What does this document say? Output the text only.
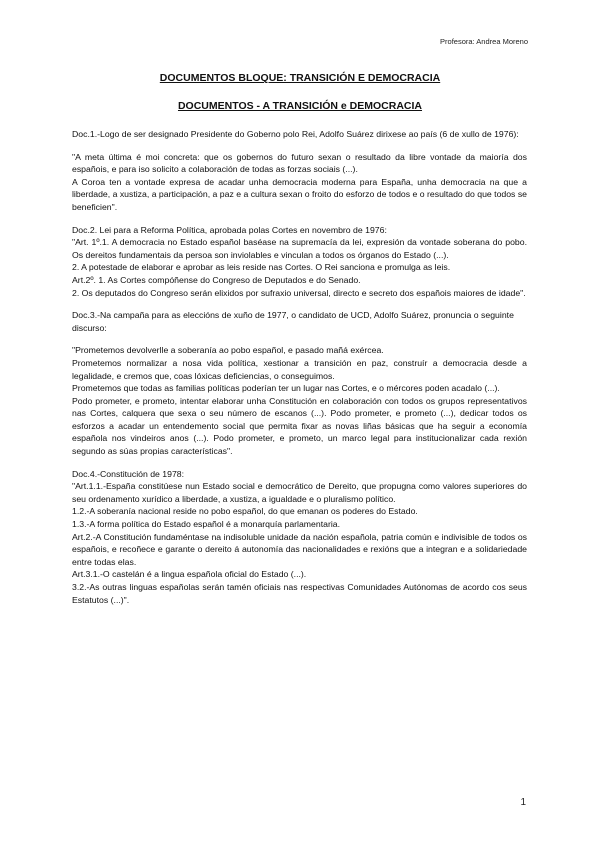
Profesora: Andrea Moreno
DOCUMENTOS BLOQUE: TRANSICIÓN E DEMOCRACIA
DOCUMENTOS - A TRANSICIÓN e DEMOCRACIA

Doc.1.-Logo de ser designado Presidente do Goberno polo Rei, Adolfo Suárez dirixese ao país (6 de xullo de 1976):

"A meta última é moi concreta: que os gobernos do futuro sexan o resultado da libre vontade da maioría dos españois, e para iso solicito a colaboración de todas as forzas sociais (...).

A Coroa ten a vontade expresa de acadar unha democracia moderna para España, unha democracia na que a liberdade, a xustiza, a participación, a paz e a cultura sexan o froito do esforzo de todos e o resultado do que todos se beneficien".

Doc.2. Lei para a Reforma Política, aprobada polas Cortes en novembro de 1976:

"Art. 1º.1. A democracia no Estado español baséase na supremacía da lei, expresión da vontade soberana do pobo. Os dereitos fundamentais da persoa son inviolables e vinculan a todos os órganos do Estado (...).

2. A potestade de elaborar e aprobar as leis reside nas Cortes. O Rei sanciona e promulga as leis.

Art.2º. 1. As Cortes compóñense do Congreso de Deputados e do Senado.

2. Os deputados do Congreso serán elixidos por sufraxio universal, directo e secreto dos españois maiores de idade".

Doc.3.-Na campaña para as eleccións de xuño de 1977, o candidato de UCD, Adolfo Suárez, pronuncia o seguinte discurso:

"Prometemos devolverlle a soberanía ao pobo español, e pasado mañá exércea.

Prometemos normalizar a nosa vida política, xestionar a transición en paz, construír a democracia desde a legalidade, e cremos que, coas lóxicas deficiencias, o conseguimos.

Prometemos que todas as familias políticas poderían ter un lugar nas Cortes, e o mércores poden acadalo (...).

Podo prometer, e prometo, intentar elaborar unha Constitución en colaboración con todos os grupos representativos nas Cortes, calquera que sexa o seu número de escanos (...). Podo prometer, e prometo (...), dedicar todos os esforzos a acadar un entendemento social que permita fixar as novas liñas básicas que ha seguir a economía española nos vindeiros anos (...). Podo prometer, e prometo, un marco legal para institucionalizar cada rexión segundo as súas propias características".

Doc.4.-Constitución de 1978:

"Art.1.1.-España constitúese nun Estado social e democrático de Dereito, que propugna como valores superiores do seu ordenamento xurídico a liberdade, a xustiza, a igualdade e o pluralismo político.

1.2.-A soberanía nacional reside no pobo español, do que emanan os poderes do Estado.

1.3.-A forma política do Estado español é a monarquía parlamentaria.

Art.2.-A Constitución fundaméntase na indisoluble unidade da nación española, patria común e indivisible de todos os españois, e recoñece e garante o dereito á autonomía das nacionalidades e rexións que a integran e a solidariedade entre todas elas.

Art.3.1.-O castelán é a lingua española oficial do Estado (...).

3.2.-As outras linguas españolas serán tamén oficiais nas respectivas Comunidades Autónomas de acordo cos seus Estatutos (...)".

1
